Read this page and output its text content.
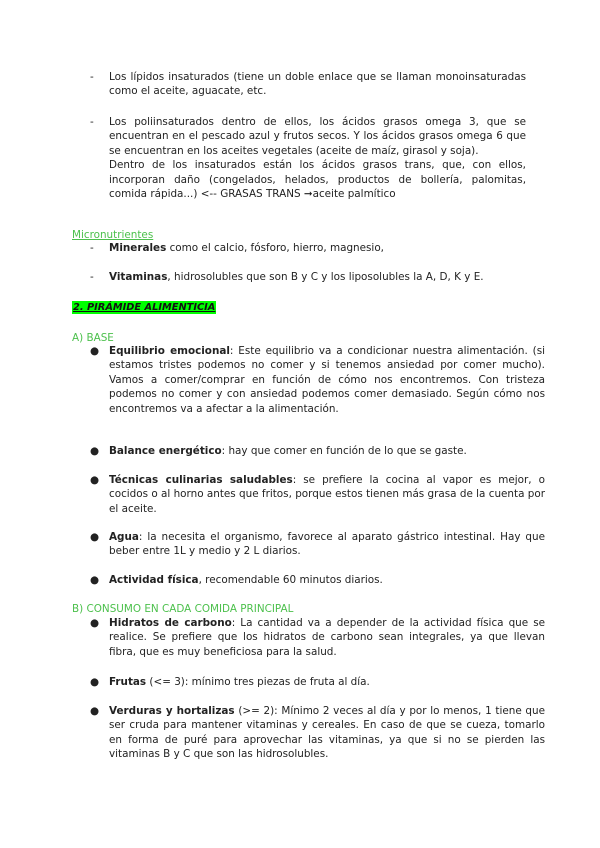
- Los lípidos insaturados (tiene un doble enlace que se llaman monoinsaturadas como el aceite, aguacate, etc.
- Los poliinsaturados dentro de ellos, los ácidos grasos omega 3, que se encuentran en el pescado azul y frutos secos. Y los ácidos grasos omega 6 que se encuentran en los aceites vegetales (aceite de maíz, girasol y soja).
Dentro de los insaturados están los ácidos grasos trans, que, con ellos, incorporan daño (congelados, helados, productos de bollería, palomitas, comida rápida...) <-- GRASAS TRANS ➞aceite palmítico
Micronutrientes
- Minerales como el calcio, fósforo, hierro, magnesio,
- Vitaminas, hidrosolubles que son B y C y los liposolubles la A, D, K y E.
2. PIRÁMIDE ALIMENTICIA
A) BASE
● Equilibrio emocional: Este equilibrio va a condicionar nuestra alimentación. (si estamos tristes podemos no comer y si tenemos ansiedad por comer mucho). Vamos a comer/comprar en función de cómo nos encontremos. Con tristeza podemos no comer y con ansiedad podemos comer demasiado. Según cómo nos encontremos va a afectar a la alimentación.
● Balance energético: hay que comer en función de lo que se gaste.
● Técnicas culinarias saludables: se prefiere la cocina al vapor es mejor, o cocidos o al horno antes que fritos, porque estos tienen más grasa de la cuenta por el aceite.
● Agua: la necesita el organismo, favorece al aparato gástrico intestinal. Hay que beber entre 1L y medio y 2 L diarios.
● Actividad física, recomendable 60 minutos diarios.
B) CONSUMO EN CADA COMIDA PRINCIPAL
● Hidratos de carbono: La cantidad va a depender de la actividad física que se realice. Se prefiere que los hidratos de carbono sean integrales, ya que llevan fibra, que es muy beneficiosa para la salud.
● Frutas (<= 3): mínimo tres piezas de fruta al día.
● Verduras y hortalizas (>= 2): Mínimo 2 veces al día y por lo menos, 1 tiene que ser cruda para mantener vitaminas y cereales. En caso de que se cueza, tomarlo en forma de puré para aprovechar las vitaminas, ya que si no se pierden las vitaminas B y C que son las hidrosolubles.
